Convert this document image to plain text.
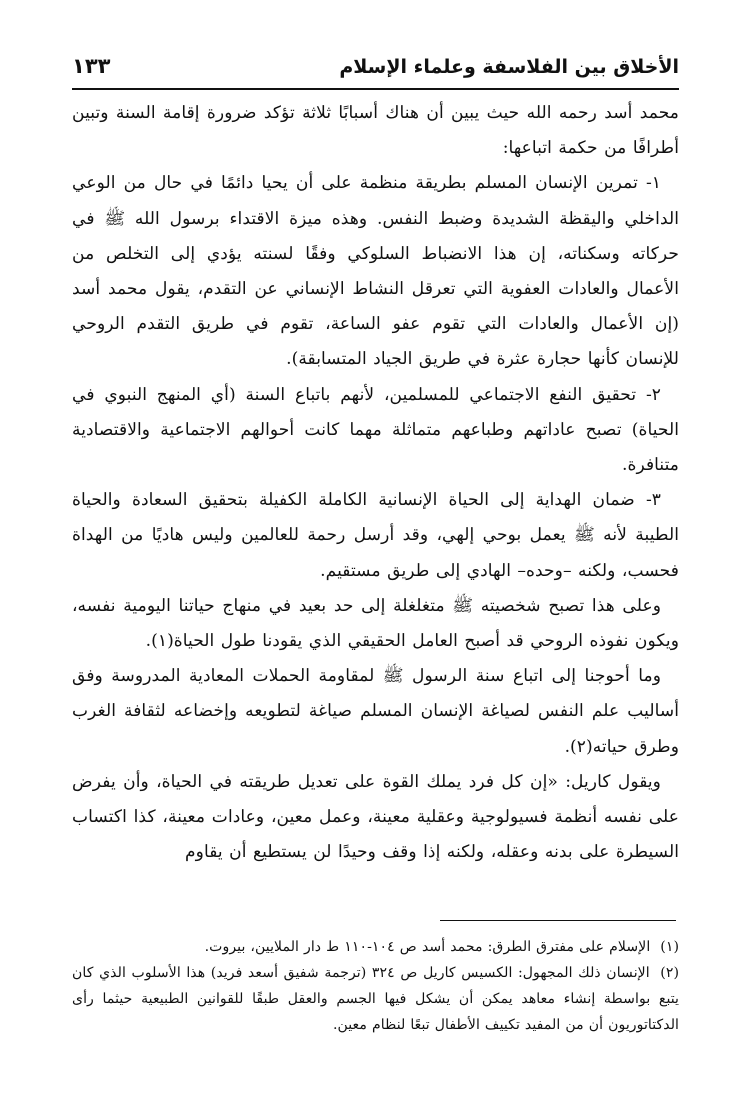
الأخلاق بين الفلاسفة وعلماء الإسلام
١٣٣

محمد أسد رحمه الله حيث يبين أن هناك أسبابًا ثلاثة تؤكد ضرورة إقامة السنة وتبين أطرافًا من حكمة اتباعها:

١- تمرين الإنسان المسلم بطريقة منظمة على أن يحيا دائمًا في حال من الوعي الداخلي واليقظة الشديدة وضبط النفس. وهذه ميزة الاقتداء برسول الله ﷺ في حركاته وسكناته، إن هذا الانضباط السلوكي وفقًا لسنته يؤدي إلى التخلص من الأعمال والعادات العفوية التي تعرقل النشاط الإنساني عن التقدم، يقول محمد أسد (إن الأعمال والعادات التي تقوم عفو الساعة، تقوم في طريق التقدم الروحي للإنسان كأنها حجارة عثرة في طريق الجياد المتسابقة).

٢- تحقيق النفع الاجتماعي للمسلمين، لأنهم باتباع السنة (أي المنهج النبوي في الحياة) تصبح عاداتهم وطباعهم متماثلة مهما كانت أحوالهم الاجتماعية والاقتصادية متنافرة.

٣- ضمان الهداية إلى الحياة الإنسانية الكاملة الكفيلة بتحقيق السعادة والحياة الطيبة لأنه ﷺ يعمل بوحي إلهي، وقد أرسل رحمة للعالمين وليس هاديًا من الهداة فحسب، ولكنه –وحده– الهادي إلى طريق مستقيم.

وعلى هذا تصبح شخصيته ﷺ متغلغلة إلى حد بعيد في منهاج حياتنا اليومية نفسه، ويكون نفوذه الروحي قد أصبح العامل الحقيقي الذي يقودنا طول الحياة(١).

وما أحوجنا إلى اتباع سنة الرسول ﷺ لمقاومة الحملات المعادية المدروسة وفق أساليب علم النفس لصياغة الإنسان المسلم صياغة لتطويعه وإخضاعه لثقافة الغرب وطرق حياته(٢).

ويقول كاريل: «إن كل فرد يملك القوة على تعديل طريقته في الحياة، وأن يفرض على نفسه أنظمة فسيولوجية وعقلية معينة، وعمل معين، وعادات معينة، كذا اكتساب السيطرة على بدنه وعقله، ولكنه إذا وقف وحيدًا لن يستطيع أن يقاوم

(١) الإسلام على مفترق الطرق: محمد أسد ص ١٠٤-١١٠ ط دار الملايين، بيروت.

(٢) الإنسان ذلك المجهول: الكسيس كاريل ص ٣٢٤ (ترجمة شفيق أسعد فريد) هذا الأسلوب الذي كان يتبع بواسطة إنشاء معاهد يمكن أن يشكل فيها الجسم والعقل طبقًا للقوانين الطبيعية حيثما رأى الدكتاتوريون أن من المفيد تكييف الأطفال تبعًا لنظام معين.
